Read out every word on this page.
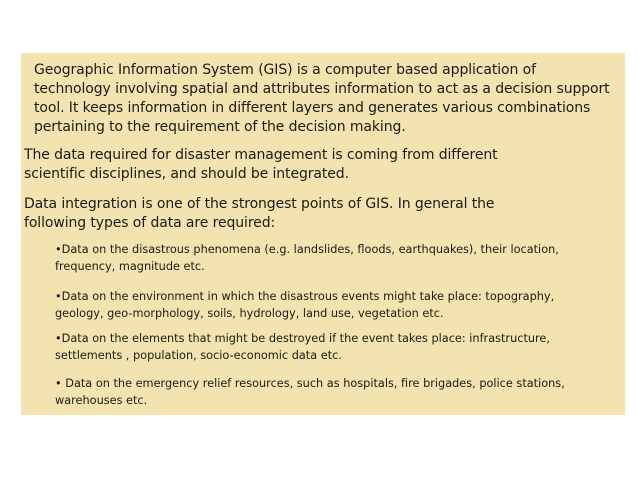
Geographic Information System (GIS) is a computer based application of
technology involving spatial and attributes information to act as a decision support
tool. It keeps information in different layers and generates various combinations
pertaining to the requirement of the decision making.

The data required for disaster management is coming from different
scientific disciplines, and should be integrated.

Data integration is one of the strongest points of GIS. In general the
following types of data are required:

•Data on the disastrous phenomena (e.g. landslides, floods, earthquakes), their location,
frequency, magnitude etc.

•Data on the environment in which the disastrous events might take place: topography,
geology, geo-morphology, soils, hydrology, land use, vegetation etc.

•Data on the elements that might be destroyed if the event takes place: infrastructure,
settlements , population, socio-economic data etc.

• Data on the emergency relief resources, such as hospitals, fire brigades, police stations,
warehouses etc.
